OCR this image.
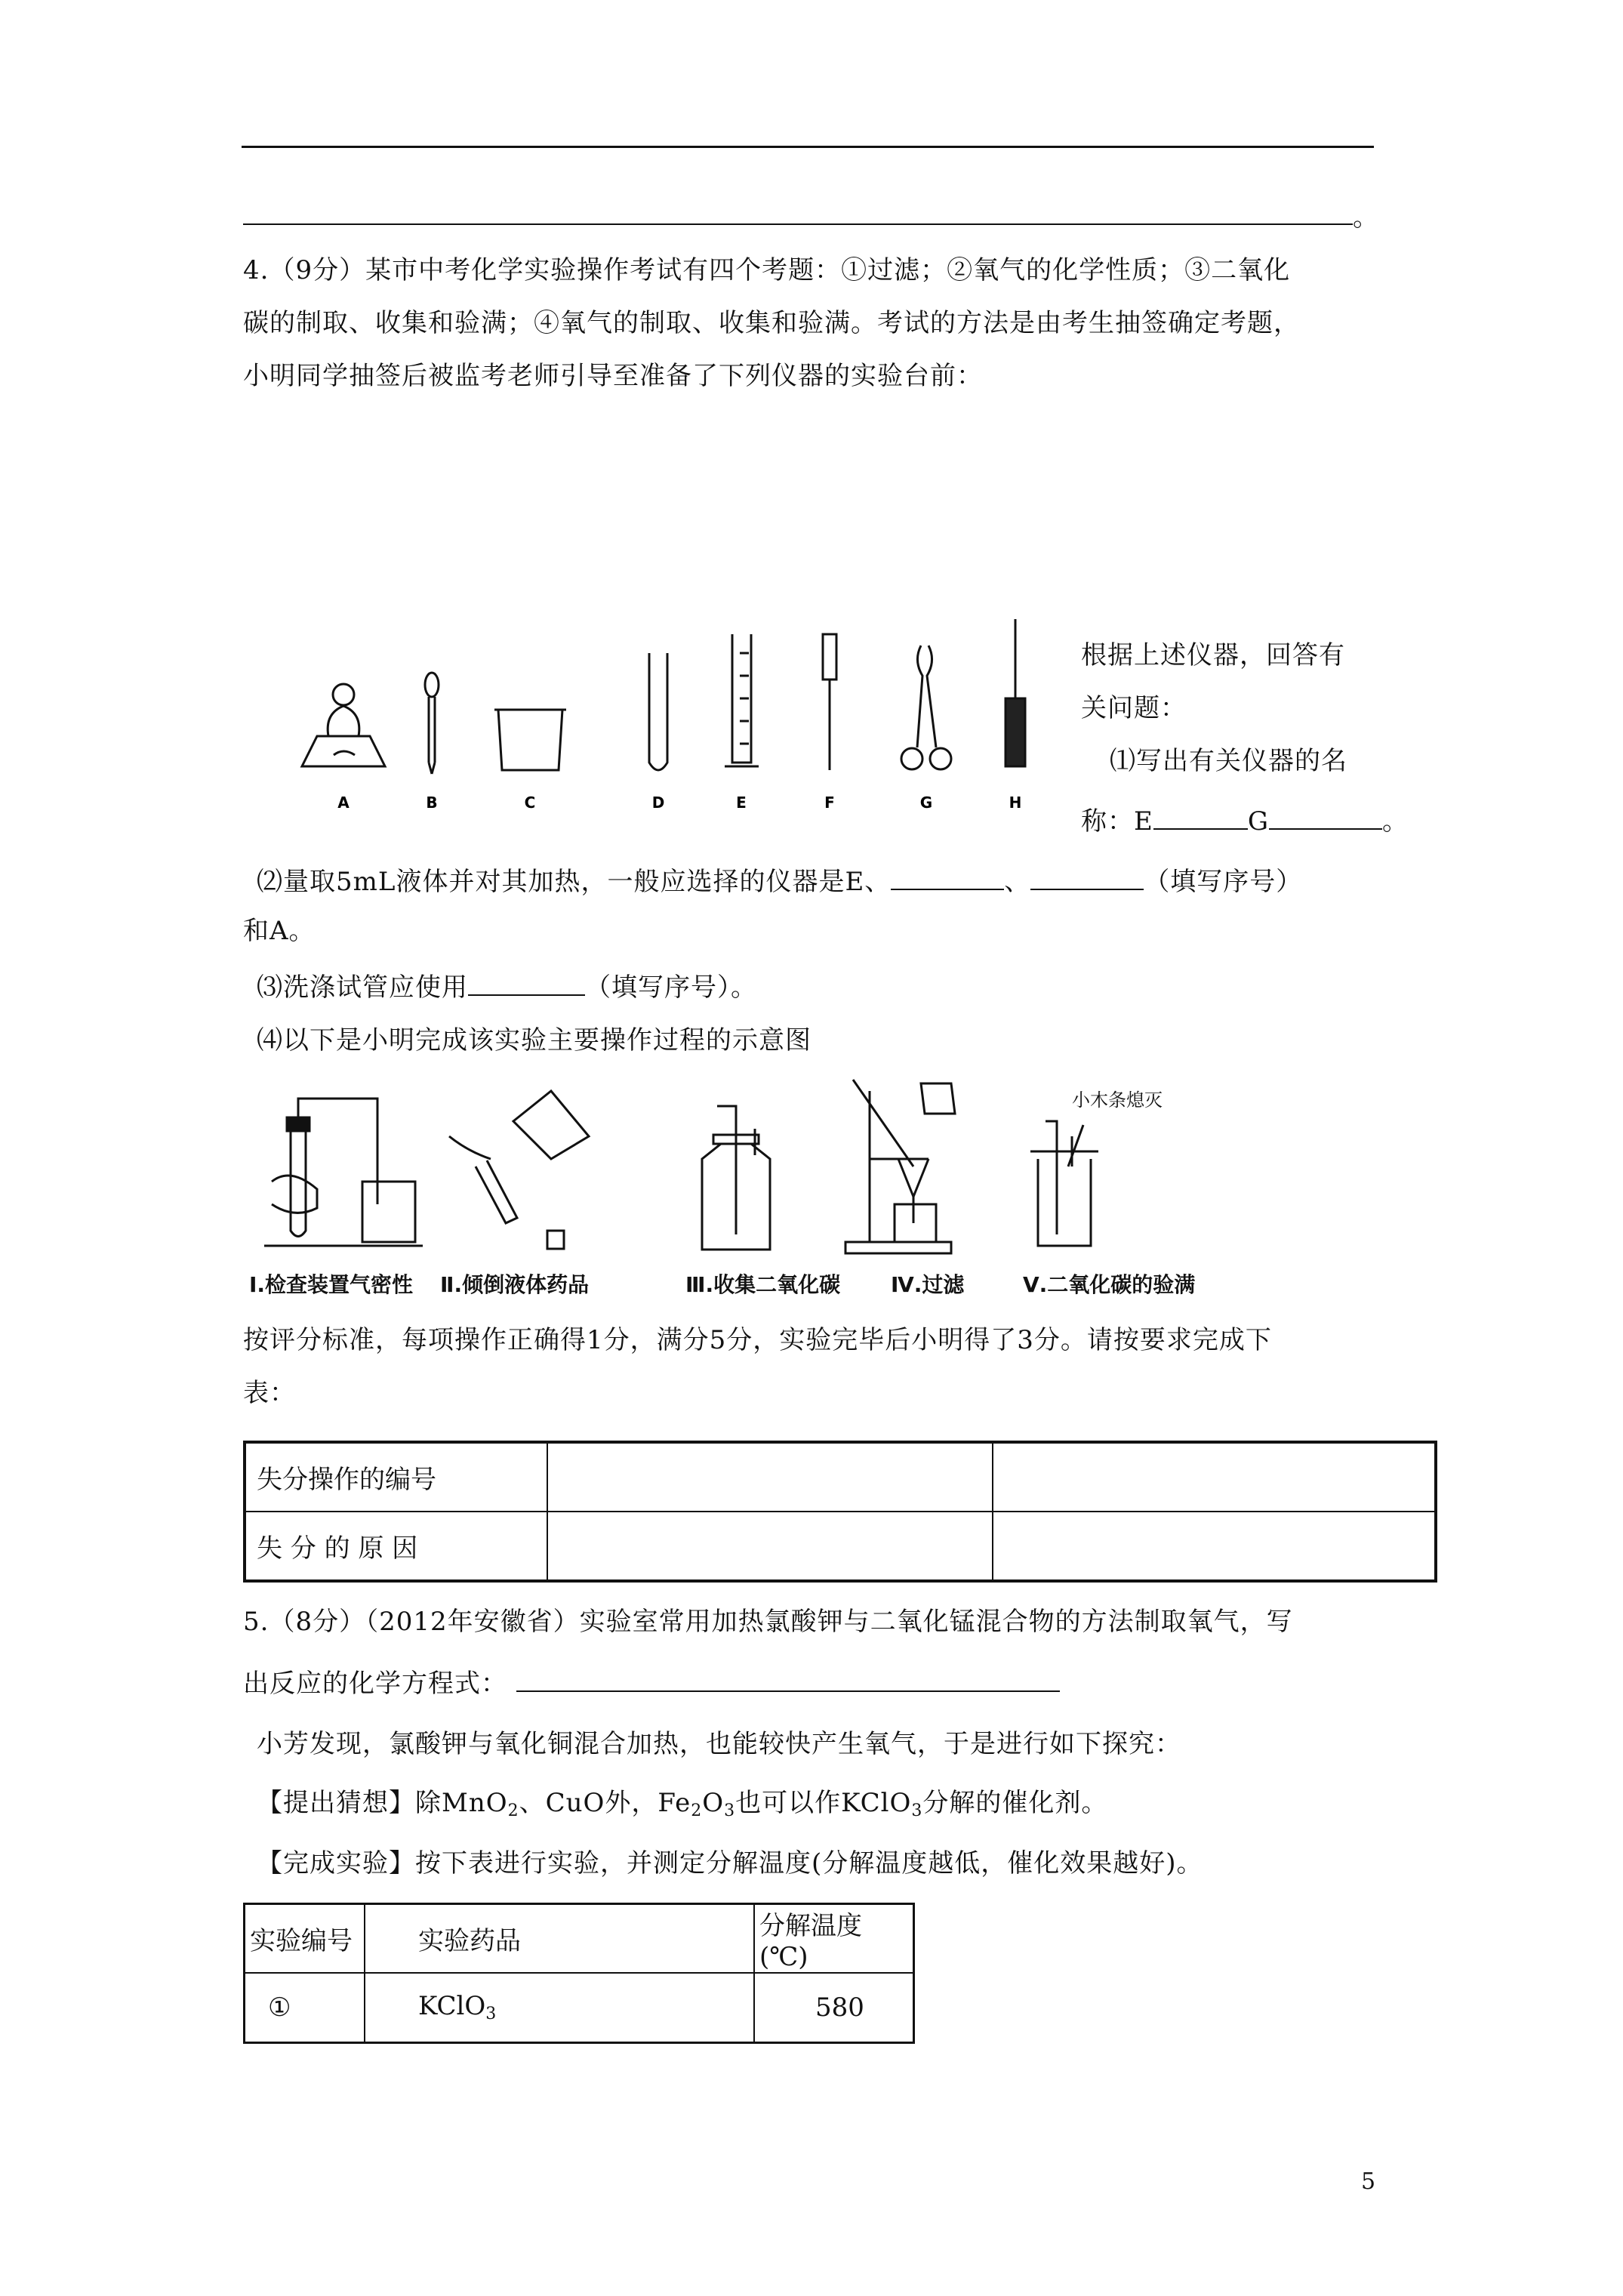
。
4.（9分）某市中考化学实验操作考试有四个考题：①过滤；②氧气的化学性质；③二氧化
碳的制取、收集和验满；④氧气的制取、收集和验满。考试的方法是由考生抽签确定考题，
小明同学抽签后被监考老师引导至准备了下列仪器的实验台前：
A	B	C	D	E	F	G	H
根据上述仪器，回答有
关问题：
⑴写出有关仪器的名
称：E	G	。
⑵量取5mL液体并对其加热，一般应选择的仪器是E、	、	（填写序号）
和A。
⑶洗涤试管应使用	（填写序号）。
⑷以下是小明完成该实验主要操作过程的示意图
小木条熄灭
Ⅰ.检查装置气密性 Ⅱ.倾倒液体药品	Ⅲ.收集二氧化碳 Ⅳ.过滤	Ⅴ.二氧化碳的验满
按评分标准，每项操作正确得1分，满分5分，实验完毕后小明得了3分。请按要求完成下
表：
失分操作的编号		
失 分 的 原 因		
5.（8分）（2012年安徽省）实验室常用加热氯酸钾与二氧化锰混合物的方法制取氧气，写
出反应的化学方程式：
小芳发现，氯酸钾与氧化铜混合加热，也能较快产生氧气，于是进行如下探究：
【提出猜想】除MnO$_2$、CuO外，$Fe_2O_3$也可以作KClO$_3$分解的催化剂。
【完成实验】按下表进行实验，并测定分解温度(分解温度越低，催化效果越好)。
实验编号	实验药品	分解温度(℃)
①	KClO$_3$	580
5
